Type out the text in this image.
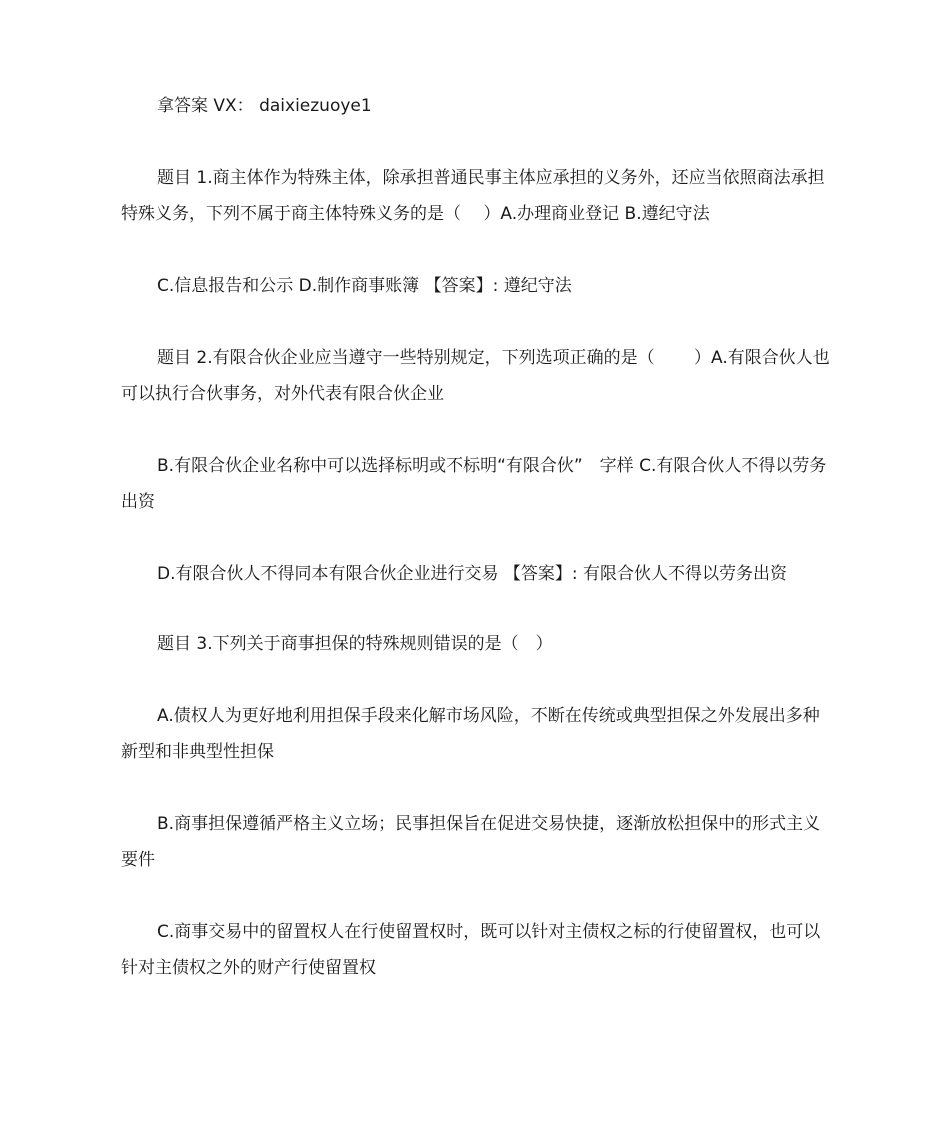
拿答案 VX： daixiezuoye1
题目 1.商主体作为特殊主体，除承担普通民事主体应承担的义务外，还应当依照商法承担特殊义务，下列不属于商主体特殊义务的是（　 ）A.办理商业登记 B.遵纪守法
C.信息报告和公示 D.制作商事账簿 【答案】: 遵纪守法
题目 2.有限合伙企业应当遵守一些特别规定，下列选项正确的是（　　 ）A.有限合伙人也可以执行合伙事务，对外代表有限合伙企业
B.有限合伙企业名称中可以选择标明或不标明“有限合伙”　字样 C.有限合伙人不得以劳务出资
D.有限合伙人不得同本有限合伙企业进行交易 【答案】: 有限合伙人不得以劳务出资
题目 3.下列关于商事担保的特殊规则错误的是（　）
A.债权人为更好地利用担保手段来化解市场风险，不断在传统或典型担保之外发展出多种新型和非典型性担保
B.商事担保遵循严格主义立场；民事担保旨在促进交易快捷，逐渐放松担保中的形式主义要件
C.商事交易中的留置权人在行使留置权时，既可以针对主债权之标的行使留置权，也可以针对主债权之外的财产行使留置权
